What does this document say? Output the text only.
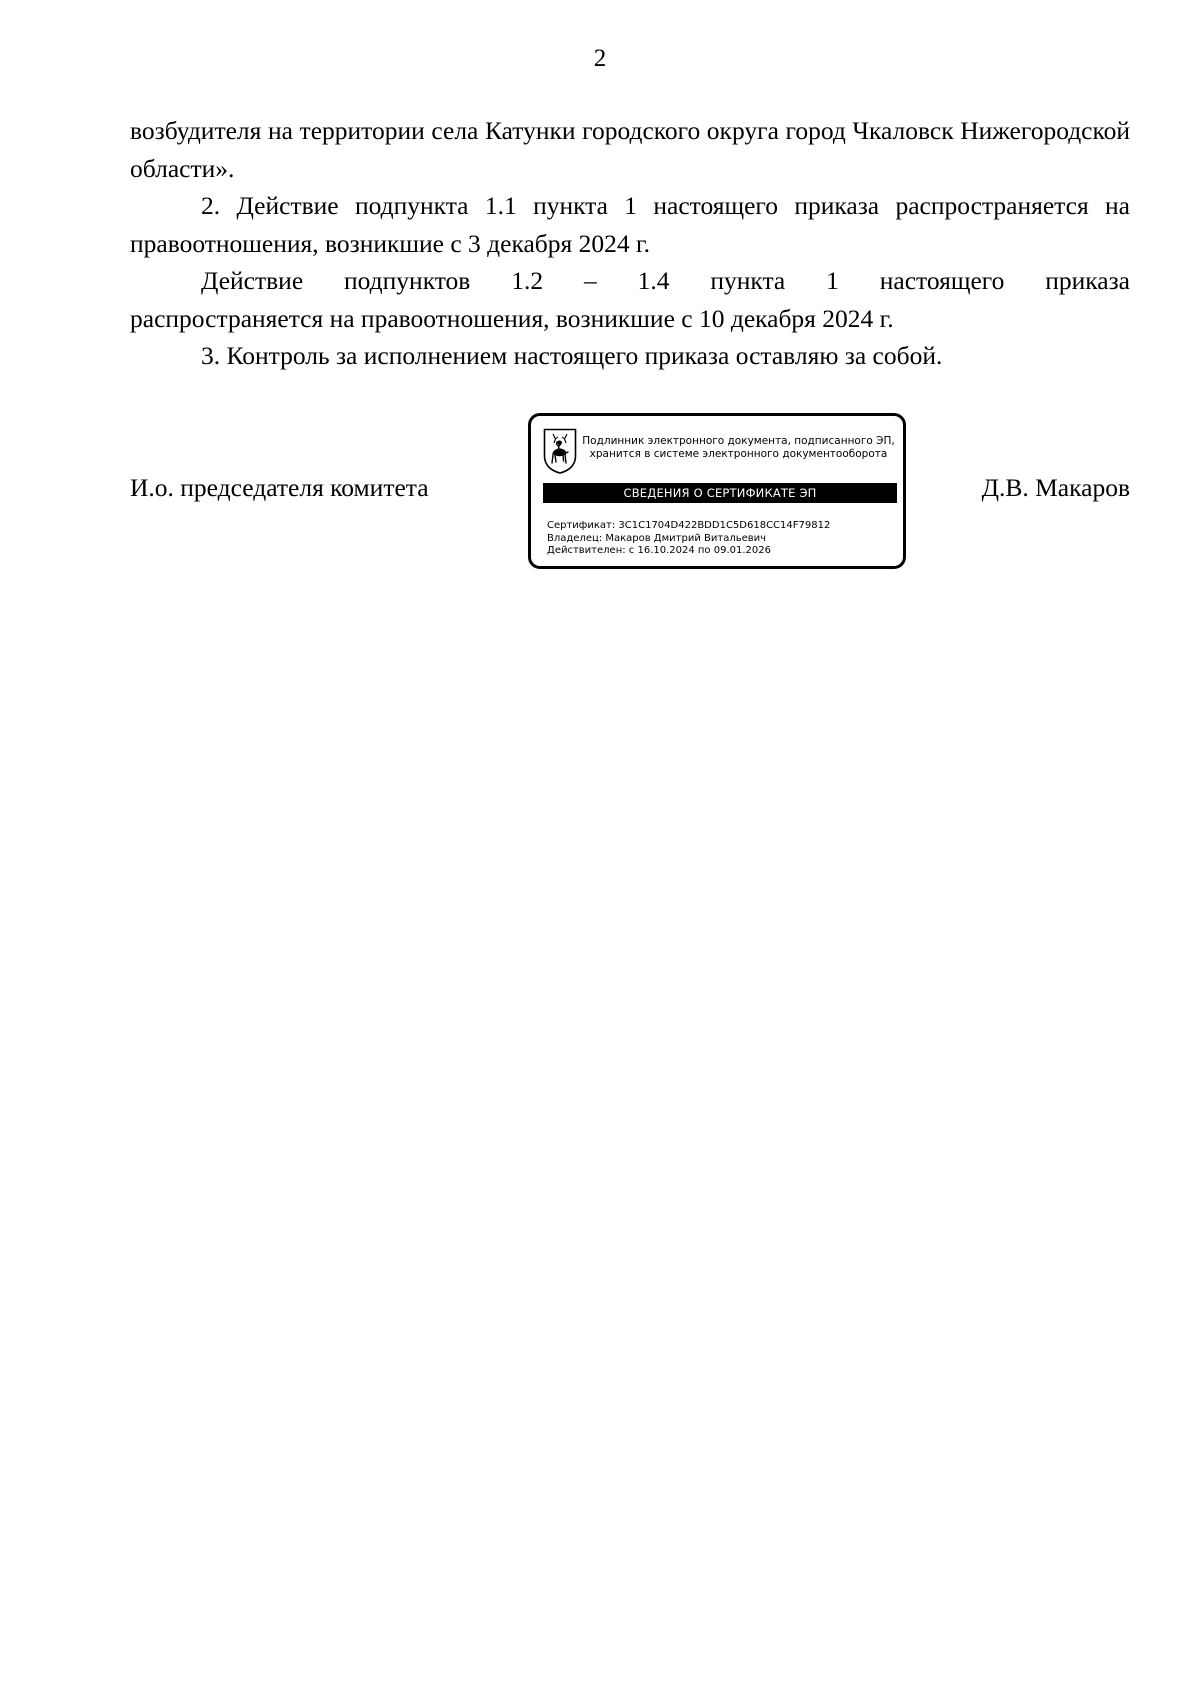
2

возбудителя на территории села Катунки городского округа город Чкаловск Нижегородской области».

2. Действие подпункта 1.1 пункта 1 настоящего приказа распространяется на правоотношения, возникшие с 3 декабря 2024 г.

Действие подпунктов 1.2 – 1.4 пункта 1 настоящего приказа

распространяется на правоотношения, возникшие с 10 декабря 2024 г.

3. Контроль за исполнением настоящего приказа оставляю за собой.

И.о. председателя комитета	Д.В. Макаров
Подлинник электронного документа, подписанного ЭП,
хранится в системе электронного документооборота
СВЕДЕНИЯ О СЕРТИФИКАТЕ ЭП
Сертификат: 3C1C1704D422BDD1C5D618CC14F79812
Владелец: Макаров Дмитрий Витальевич
Действителен: с 16.10.2024 по 09.01.2026
